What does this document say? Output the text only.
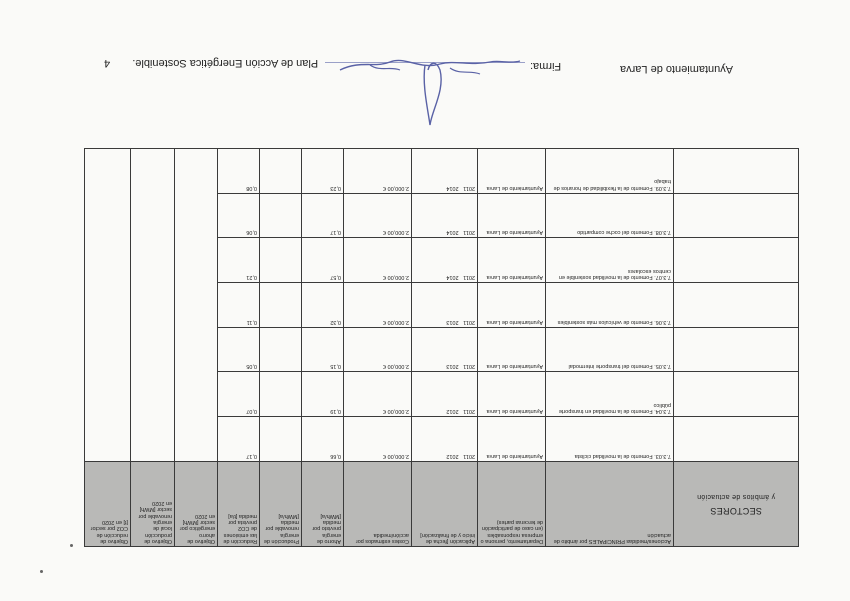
Ayuntamiento de Larva
Firma:
Plan de Acción Energética Sostenible.  4
SECTORES
y ámbitos de actuación	Acciones/medidas PRINCIPALES por ámbito de actuación	Departamento, persona o empresa responsables (en caso de participación de terceras partes)	Aplicación [fecha de inicio y de finalización]	Costes estimados por acción/medida	Ahorro de energía previsto por medida [MWh/a]	Producción de energía renovable por medida [MWh/a]	Reducción de las emisiones de CO2 prevista por medida [t/a]	Objetivo de ahorro energético por sector [MWh] en 2020	Objetivo de producción local de energía renovable por sector [MWh] en 2020	Objetivo de reducción de CO2 por sector [t] en 2020
	7.3.03. Fomento de la movilidad ciclista	Ayuntamiento de Larva	2011   2012	2.000,00 €	0,66		0,17			
	7.3.04. Fomento de la movilidad en transporte público	Ayuntamiento de Larva	2011   2012	2.000,00 €	0,19		0,07			
	7.3.05. Fomento del transporte intermodal	Ayuntamiento de Larva	2011   2013	2.000,00 €	0,15		0,05			
	7.3.06. Fomento de vehículos más sostenibles	Ayuntamiento de Larva	2011   2013	2.000,00 €	0,32		0,11			
	7.3.07. Fomento de la movilidad sostenible en centros escolares	Ayuntamiento de Larva	2011   2014	2.000,00 €	0,57		0,21			
	7.3.08. Fomento del coche compartido	Ayuntamiento de Larva	2011   2014	2.000,00 €	0,17		0,06			
	7.3.09. Fomento de la flexibilidad de horarios de trabajo	Ayuntamiento de Larva	2011   2014	2.000,00 €	0,23		0,08			
